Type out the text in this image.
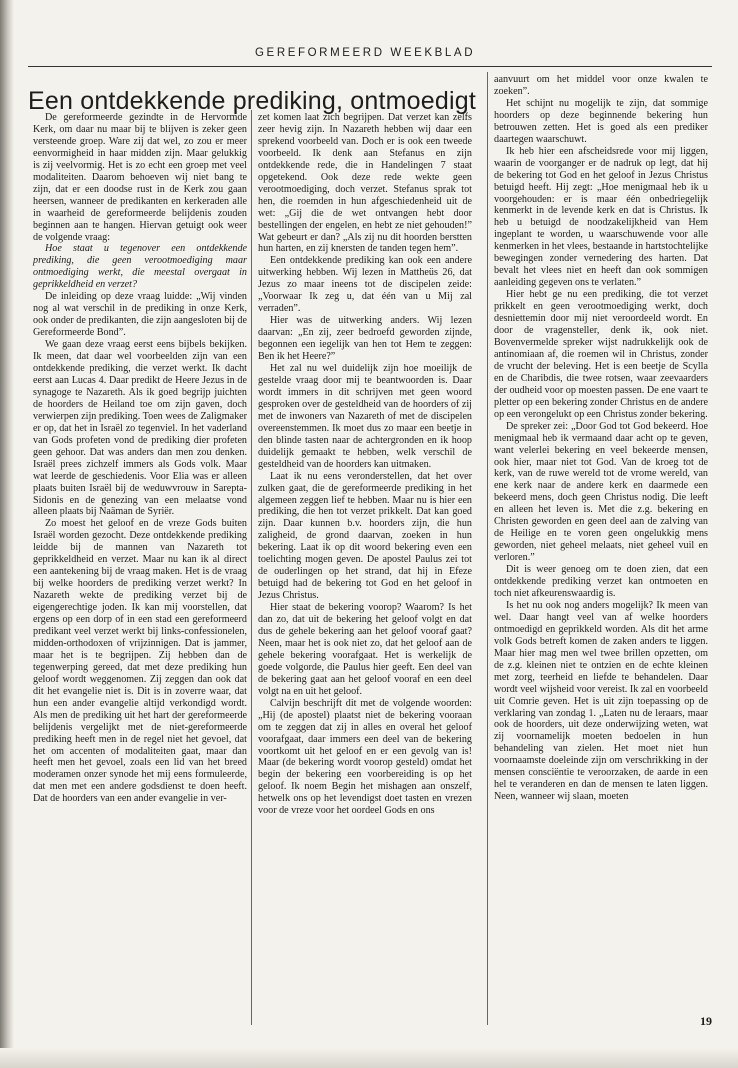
GEREFORMEERD WEEKBLAD
Een ontdekkende prediking, ontmoedigt

De gereformeerde gezindte in de Hervormde Kerk, om daar nu maar bij te blijven is zeker geen versteende groep. Ware zij dat wel, zo zou er meer eenvormigheid in haar midden zijn. Maar gelukkig is zij veelvormig. Het is zo echt een groep met veel modaliteiten. Daarom behoeven wij niet bang te zijn, dat er een doodse rust in de Kerk zou gaan heersen, wanneer de predikanten en kerkeraden alle in waarheid de gereformeerde belijdenis zouden beginnen aan te hangen. Hiervan getuigt ook weer de volgende vraag:

Hoe staat u tegenover een ontdekkende prediking, die geen verootmoediging maar ontmoediging werkt, die meestal overgaat in geprikkeldheid en verzet?

De inleiding op deze vraag luidde: „Wij vinden nog al wat verschil in de prediking in onze Kerk, ook onder de predikanten, die zijn aangesloten bij de Gereformeerde Bond”.

We gaan deze vraag eerst eens bijbels bekijken. Ik meen, dat daar wel voorbeelden zijn van een ontdekkende prediking, die verzet werkt. Ik dacht eerst aan Lucas 4. Daar predikt de Heere Jezus in de synagoge te Nazareth. Als ik goed begrijp juichten de hoorders de Heiland toe om zijn gaven, doch verwierpen zijn prediking. Toen wees de Zaligmaker er op, dat het in Israël zo tegenviel. In het vaderland van Gods profeten vond de prediking dier profeten geen gehoor. Dat was anders dan men zou denken. Israël prees zichzelf immers als Gods volk. Maar wat leerde de geschiedenis. Voor Elia was er alleen plaats buiten Israël bij de weduwvrouw in Sarepta-Sidonis en de genezing van een melaatse vond alleen plaats bij Naäman de Syriër.

Zo moest het geloof en de vreze Gods buiten Israël worden gezocht. Deze ontdekkende prediking leidde bij de mannen van Nazareth tot geprikkeldheid en verzet. Maar nu kan ik al direct een aantekening bij de vraag maken. Het is de vraag bij welke hoorders de prediking verzet werkt? In Nazareth wekte de prediking verzet bij de eigengerechtige joden. Ik kan mij voorstellen, dat ergens op een dorp of in een stad een gereformeerd predikant veel verzet werkt bij links-confessionelen, midden-orthodoxen of vrijzinnigen. Dat is jammer, maar het is te begrijpen. Zij hebben dan de tegenwerping gereed, dat met deze prediking hun geloof wordt weggenomen. Zij zeggen dan ook dat dit het evangelie niet is. Dit is in zoverre waar, dat hun een ander evangelie altijd verkondigd wordt. Als men de prediking uit het hart der gereformeerde belijdenis vergelijkt met de niet-gereformeerde prediking heeft men in de regel niet het gevoel, dat het om accenten of modaliteiten gaat, maar dan heeft men het gevoel, zoals een lid van het breed moderamen onzer synode het mij eens formuleerde, dat men met een andere godsdienst te doen heeft. Dat de hoorders van een ander evangelie in ver-

zet komen laat zich begrijpen. Dat verzet kan zelfs zeer hevig zijn. In Nazareth hebben wij daar een sprekend voorbeeld van. Doch er is ook een tweede voorbeeld. Ik denk aan Stefanus en zijn ontdekkende rede, die in Handelingen 7 staat opgetekend. Ook deze rede wekte geen verootmoediging, doch verzet. Stefanus sprak tot hen, die roemden in hun afgeschiedenheid uit de wet: „Gij die de wet ontvangen hebt door bestellingen der engelen, en hebt ze niet gehouden!” Wat gebeurt er dan? „Als zij nu dit hoorden berstten hun harten, en zij knersten de tanden tegen hem”.

Een ontdekkende prediking kan ook een andere uitwerking hebben. Wij lezen in Mattheüs 26, dat Jezus zo maar ineens tot de discipelen zeide: „Voorwaar Ik zeg u, dat één van u Mij zal verraden”.

Hier was de uitwerking anders. Wij lezen daarvan: „En zij, zeer bedroefd geworden zijnde, begonnen een iegelijk van hen tot Hem te zeggen: Ben ik het Heere?”

Het zal nu wel duidelijk zijn hoe moeilijk de gestelde vraag door mij te beantwoorden is. Daar wordt immers in dit schrijven met geen woord gesproken over de gesteldheid van de hoorders of zij met de inwoners van Nazareth of met de discipelen overeenstemmen. Ik moet dus zo maar een beetje in den blinde tasten naar de achtergronden en ik hoop duidelijk gemaakt te hebben, welk verschil de gesteldheid van de hoorders kan uitmaken.

Laat ik nu eens veronderstellen, dat het over zulken gaat, die de gereformeerde prediking in het algemeen zeggen lief te hebben. Maar nu is hier een prediking, die hen tot verzet prikkelt. Dat kan goed zijn. Daar kunnen b.v. hoorders zijn, die hun zaligheid, de grond daarvan, zoeken in hun bekering. Laat ik op dit woord bekering even een toelichting mogen geven. De apostel Paulus zei tot de ouderlingen op het strand, dat hij in Efeze betuigd had de bekering tot God en het geloof in Jezus Christus.

Hier staat de bekering voorop? Waarom? Is het dan zo, dat uit de bekering het geloof volgt en dat dus de gehele bekering aan het geloof vooraf gaat? Neen, maar het is ook niet zo, dat het geloof aan de gehele bekering voorafgaat. Het is werkelijk de goede volgorde, die Paulus hier geeft. Een deel van de bekering gaat aan het geloof vooraf en een deel volgt na en uit het geloof.

Calvijn beschrijft dit met de volgende woorden: „Hij (de apostel) plaatst niet de bekering vooraan om te zeggen dat zij in alles en overal het geloof voorafgaat, daar immers een deel van de bekering voortkomt uit het geloof en er een gevolg van is! Maar (de bekering wordt voorop gesteld) omdat het begin der bekering een voorbereiding is op het geloof. Ik noem Begin het mishagen aan onszelf, hetwelk ons op het levendigst doet tasten en vrezen voor de vreze voor het oordeel Gods en ons

aanvuurt om het middel voor onze kwalen te zoeken”.

Het schijnt nu mogelijk te zijn, dat sommige hoorders op deze beginnende bekering hun betrouwen zetten. Het is goed als een prediker daartegen waarschuwt.

Ik heb hier een afscheidsrede voor mij liggen, waarin de voorganger er de nadruk op legt, dat hij de bekering tot God en het geloof in Jezus Christus betuigd heeft. Hij zegt: „Hoe menigmaal heb ik u voorgehouden: er is maar één onbedriegelijk kenmerkt in de levende kerk en dat is Christus. Ik heb u betuigd de noodzakelijkheid van Hem ingeplant te worden, u waarschuwende voor alle kenmerken in het vlees, bestaande in hartstochtelijke bewegingen zonder vernedering des harten. Dat bevalt het vlees niet en heeft dan ook sommigen aanleiding gegeven ons te verlaten.”

Hier hebt ge nu een prediking, die tot verzet prikkelt en geen verootmoediging werkt, doch desniettemin door mij niet veroordeeld wordt. En door de vragensteller, denk ik, ook niet. Bovenvermelde spreker wijst nadrukkelijk ook de antinomiaan af, die roemen wil in Christus, zonder de vrucht der beleving. Het is een beetje de Scylla en de Charibdis, die twee rotsen, waar zeevaarders der oudheid voor op moesten passen. De ene vaart te pletter op een bekering zonder Christus en de andere op een verongelukt op een Christus zonder bekering.

De spreker zei: „Door God tot God bekeerd. Hoe menigmaal heb ik vermaand daar acht op te geven, want velerlei bekering en veel bekeerde mensen, ook hier, maar niet tot God. Van de kroeg tot de kerk, van de ruwe wereld tot de vrome wereld, van ene kerk naar de andere kerk en daarmede een bekeerd mens, doch geen Christus nodig. Die leeft en alleen het leven is. Met die z.g. bekering en Christen geworden en geen deel aan de zalving van de Heilige en te voren geen ongelukkig mens geworden, niet geheel melaats, niet geheel vuil en verloren.”

Dit is weer genoeg om te doen zien, dat een ontdekkende prediking verzet kan ontmoeten en toch niet afkeurenswaardig is.

Is het nu ook nog anders mogelijk? Ik meen van wel. Daar hangt veel van af welke hoorders ontmoedigd en geprikkeld worden. Als dit het arme volk Gods betreft komen de zaken anders te liggen. Maar hier mag men wel twee brillen opzetten, om de z.g. kleinen niet te ontzien en de echte kleinen met zorg, teerheid en liefde te behandelen. Daar wordt veel wijsheid voor vereist. Ik zal en voorbeeld uit Comrie geven. Het is uit zijn toepassing op de verklaring van zondag 1. „Laten nu de leraars, maar ook de hoorders, uit deze onderwijzing weten, wat zij voornamelijk moeten bedoelen in hun behandeling van zielen. Het moet niet hun voornaamste doeleinde zijn om verschrikking in der mensen consciëntie te veroorzaken, de aarde in een hel te veranderen en dan de mensen te laten liggen. Neen, wanneer wij slaan, moeten

19
